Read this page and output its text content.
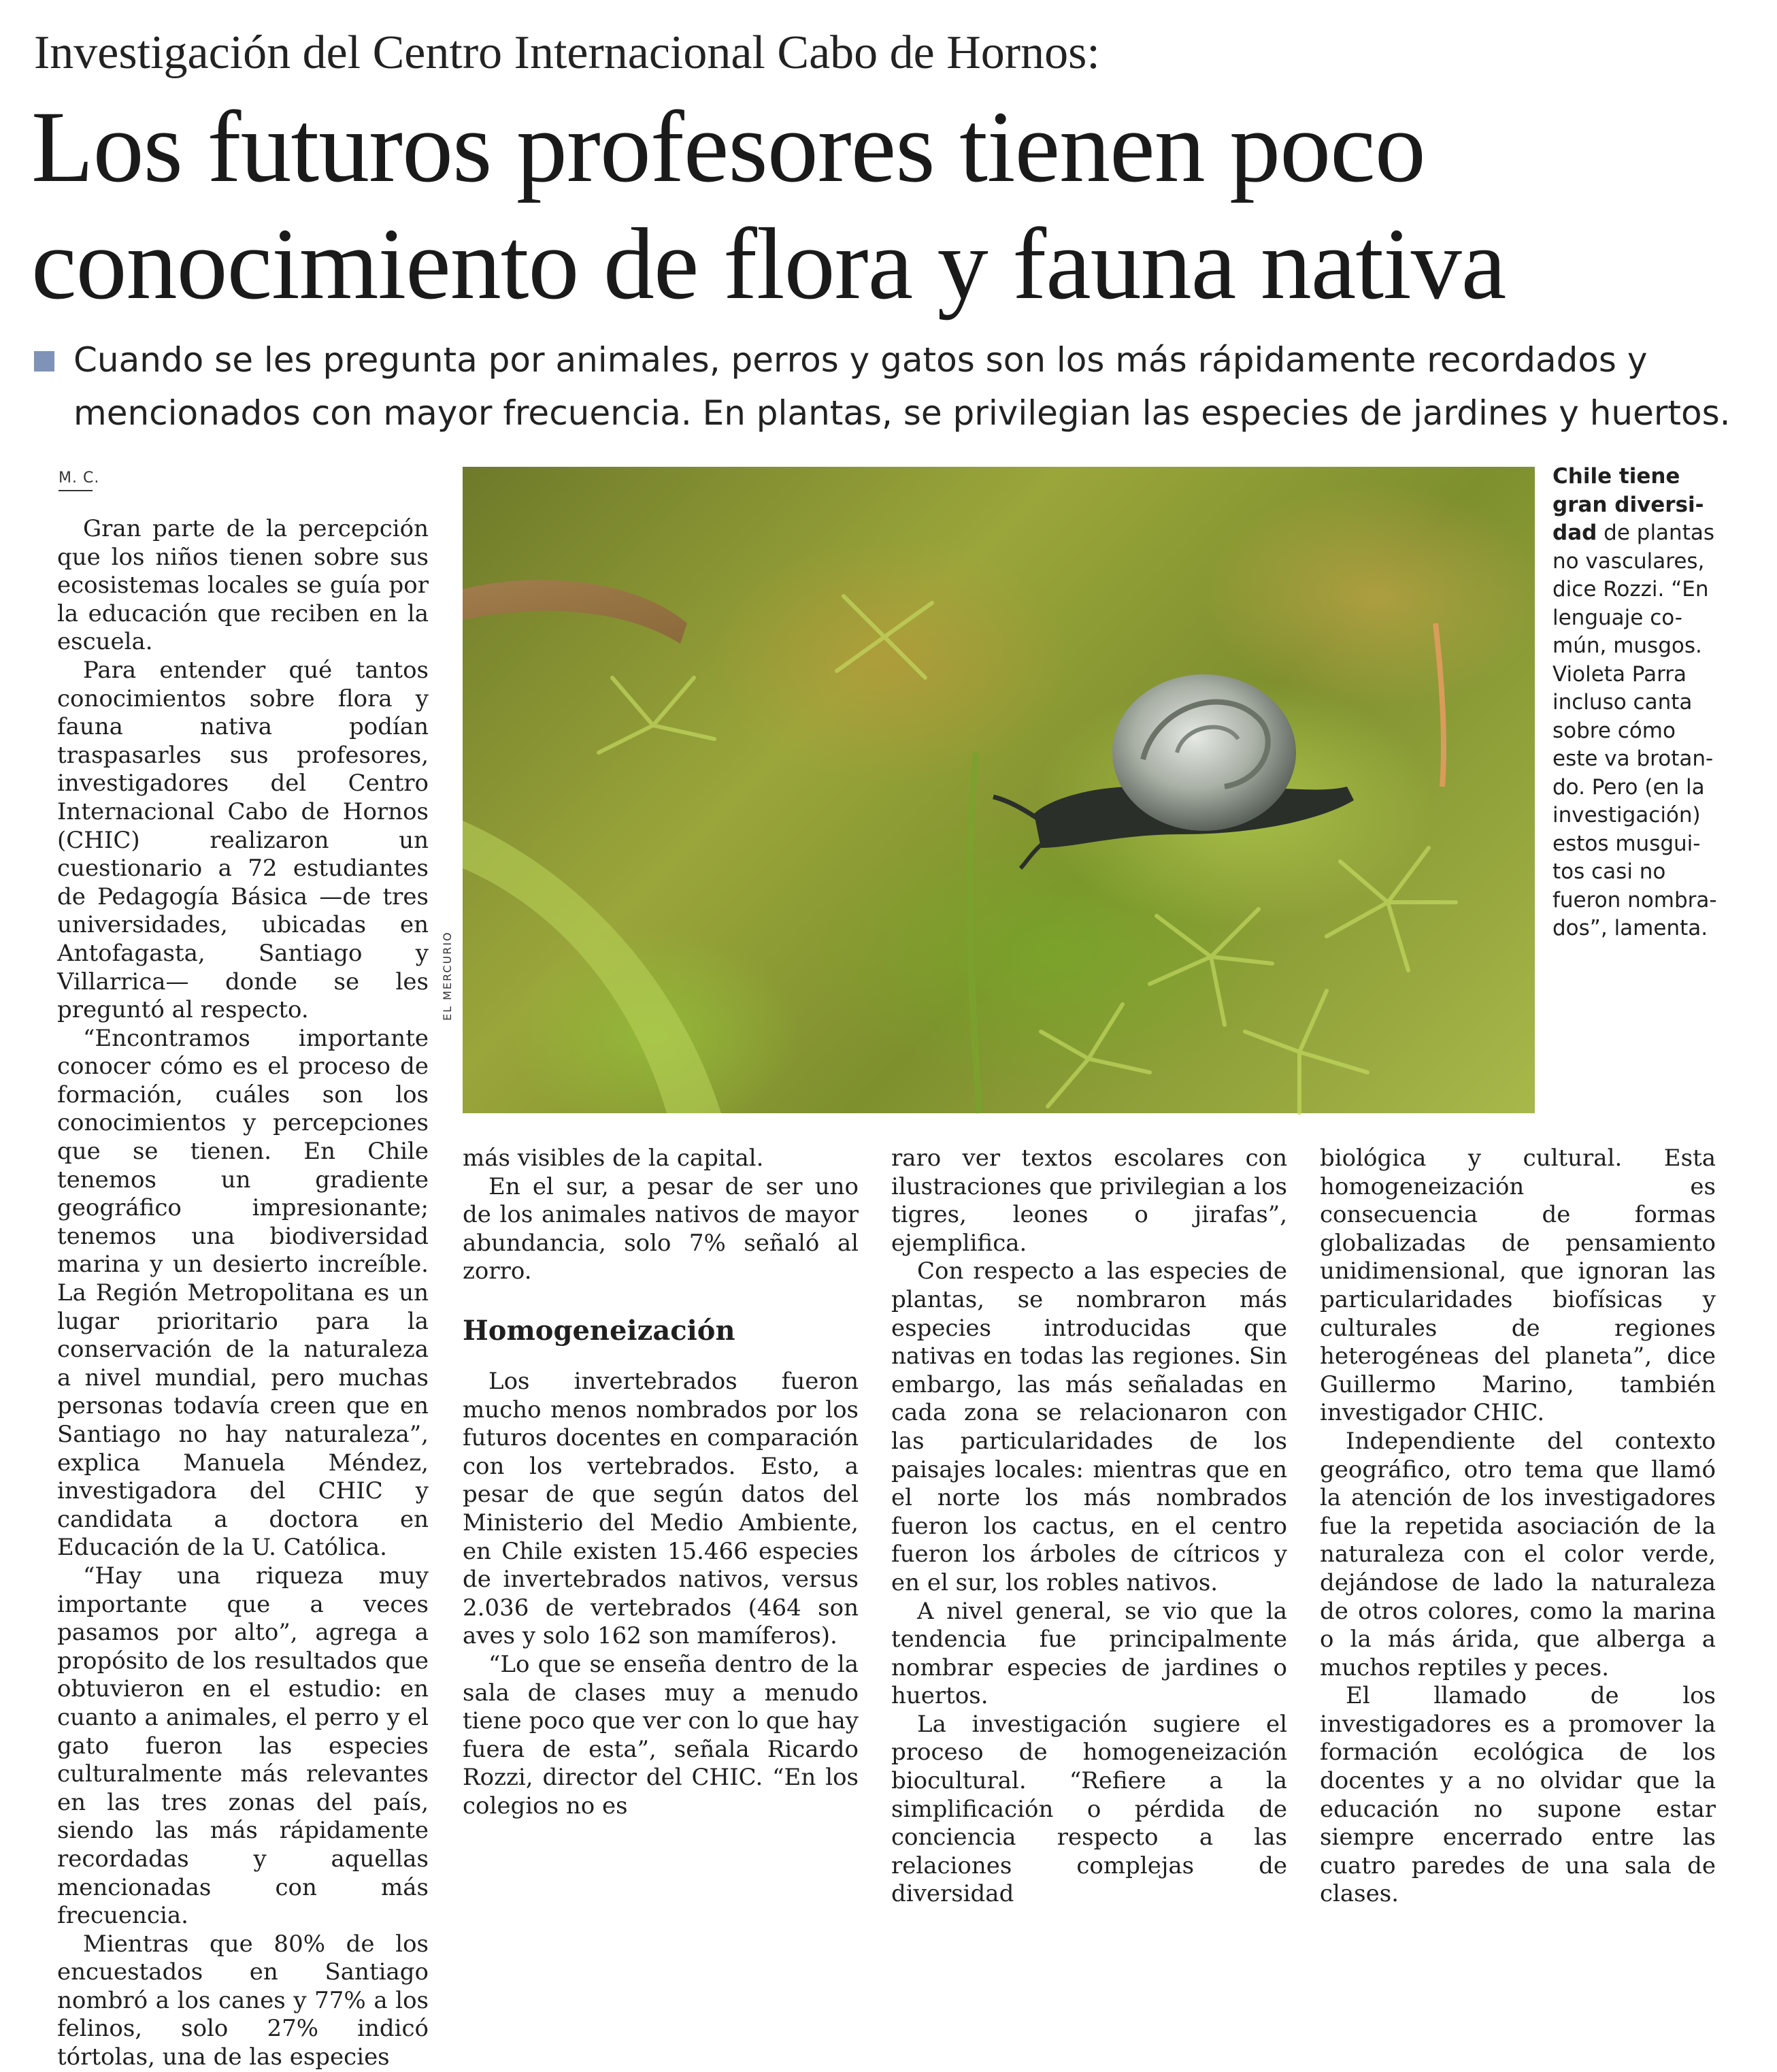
Investigación del Centro Internacional Cabo de Hornos:
Los futuros profesores tienen poco
conocimiento de flora y fauna nativa
Cuando se les pregunta por animales, perros y gatos son los más rápidamente recordados y
mencionados con mayor frecuencia. En plantas, se privilegian las especies de jardines y huertos.
M. C.

Gran parte de la percepción que los niños tienen sobre sus ecosistemas locales se guía por la educación que reciben en la escuela.

Para entender qué tantos conocimientos sobre flora y fauna nativa podían traspasarles sus profesores, investigadores del Centro Internacional Cabo de Hornos (CHIC) realizaron un cuestionario a 72 estudiantes de Pedagogía Básica —de tres universidades, ubicadas en Antofagasta, Santiago y Villarrica— donde se les preguntó al respecto.

“Encontramos importante conocer cómo es el proceso de formación, cuáles son los conocimientos y percepciones que se tienen. En Chile tenemos un gradiente geográfico impresionante; tenemos una biodiversidad marina y un desierto increíble. La Región Metropolitana es un lugar prioritario para la conservación de la naturaleza a nivel mundial, pero muchas personas todavía creen que en Santiago no hay naturaleza”, explica Manuela Méndez, investigadora del CHIC y candidata a doctora en Educación de la U. Católica.

“Hay una riqueza muy importante que a veces pasamos por alto”, agrega a propósito de los resultados que obtuvieron en el estudio: en cuanto a animales, el perro y el gato fueron las especies culturalmente más relevantes en las tres zonas del país, siendo las más rápidamente recordadas y aquellas mencionadas con más frecuencia.

Mientras que 80% de los encuestados en Santiago nombró a los canes y 77% a los felinos, solo 27% indicó tórtolas, una de las especies

EL MERCURIO
Chile tiene
gran diversi-
dad de plantas
no vasculares,
dice Rozzi. “En
lenguaje co-
mún, musgos.
Violeta Parra
incluso canta
sobre cómo
este va brotan-
do. Pero (en la
investigación)
estos musgui-
tos casi no
fueron nombra-
dos”, lamenta.

más visibles de la capital.

En el sur, a pesar de ser uno de los animales nativos de mayor abundancia, solo 7% señaló al zorro.

Homogeneización

Los invertebrados fueron mucho menos nombrados por los futuros docentes en comparación con los vertebrados. Esto, a pesar de que según datos del Ministerio del Medio Ambiente, en Chile existen 15.466 especies de invertebrados nativos, versus 2.036 de vertebrados (464 son aves y solo 162 son mamíferos).

“Lo que se enseña dentro de la sala de clases muy a menudo tiene poco que ver con lo que hay fuera de esta”, señala Ricardo Rozzi, director del CHIC. “En los colegios no es

raro ver textos escolares con ilustraciones que privilegian a los tigres, leones o jirafas”, ejemplifica.

Con respecto a las especies de plantas, se nombraron más especies introducidas que nativas en todas las regiones. Sin embargo, las más señaladas en cada zona se relacionaron con las particularidades de los paisajes locales: mientras que en el norte los más nombrados fueron los cactus, en el centro fueron los árboles de cítricos y en el sur, los robles nativos.

A nivel general, se vio que la tendencia fue principalmente nombrar especies de jardines o huertos.

La investigación sugiere el proceso de homogeneización biocultural. “Refiere a la simplificación o pérdida de conciencia respecto a las relaciones complejas de diversidad

biológica y cultural. Esta homogeneización es consecuencia de formas globalizadas de pensamiento unidimensional, que ignoran las particularidades biofísicas y culturales de regiones heterogéneas del planeta”, dice Guillermo Marino, también investigador CHIC.

Independiente del contexto geográfico, otro tema que llamó la atención de los investigadores fue la repetida asociación de la naturaleza con el color verde, dejándose de lado la naturaleza de otros colores, como la marina o la más árida, que alberga a muchos reptiles y peces.

El llamado de los investigadores es a promover la formación ecológica de los docentes y a no olvidar que la educación no supone estar siempre encerrado entre las cuatro paredes de una sala de clases.
